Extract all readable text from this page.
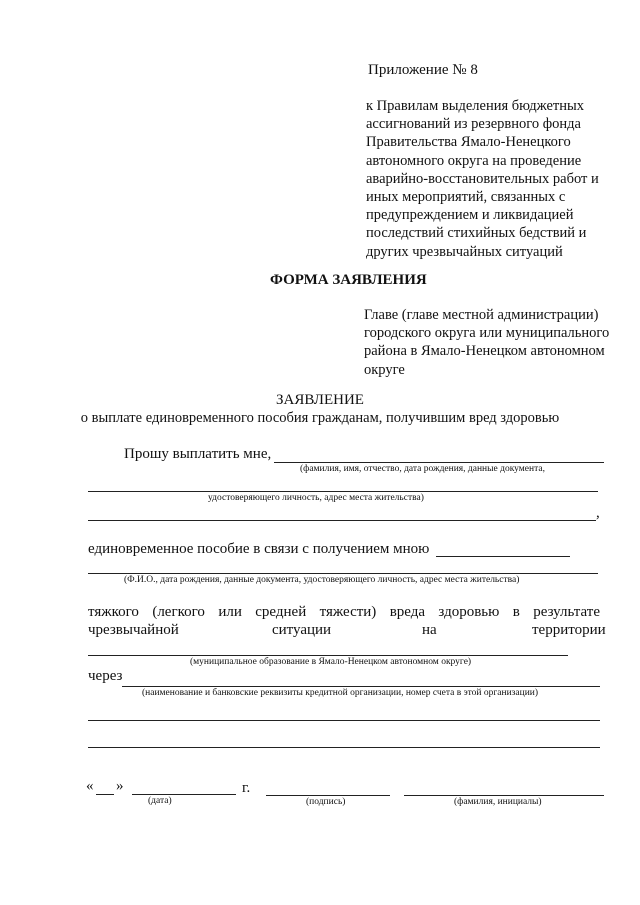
Приложение № 8
к Правилам выделения бюджетных ассигнований из резервного фонда Правительства Ямало-Ненецкого автономного округа на проведение аварийно-восстановительных работ и иных мероприятий, связанных с предупреждением и ликвидацией последствий стихийных бедствий и других чрезвычайных ситуаций
ФОРМА ЗАЯВЛЕНИЯ
Главе (главе местной администрации) городского округа или муниципального района в Ямало-Ненецком автономном округе
ЗАЯВЛЕНИЕ
о выплате единовременного пособия гражданам, получившим вред здоровью
Прошу выплатить мне,
(фамилия, имя, отчество, дата рождения, данные документа,
удостоверяющего личность, адрес места жительства)
,
единовременное пособие в связи с получением мною
(Ф.И.О., дата рождения, данные документа, удостоверяющего личность, адрес места жительства)
тяжкого (легкого или средней тяжести) вреда здоровью в результате
чрезвычайной	ситуации	на	территории
(муниципальное образование в Ямало-Ненецком автономном округе)
через
(наименование и банковские реквизиты кредитной организации, номер счета в этой организации)
« »	г.
(дата)	(подпись)	(фамилия, инициалы)
